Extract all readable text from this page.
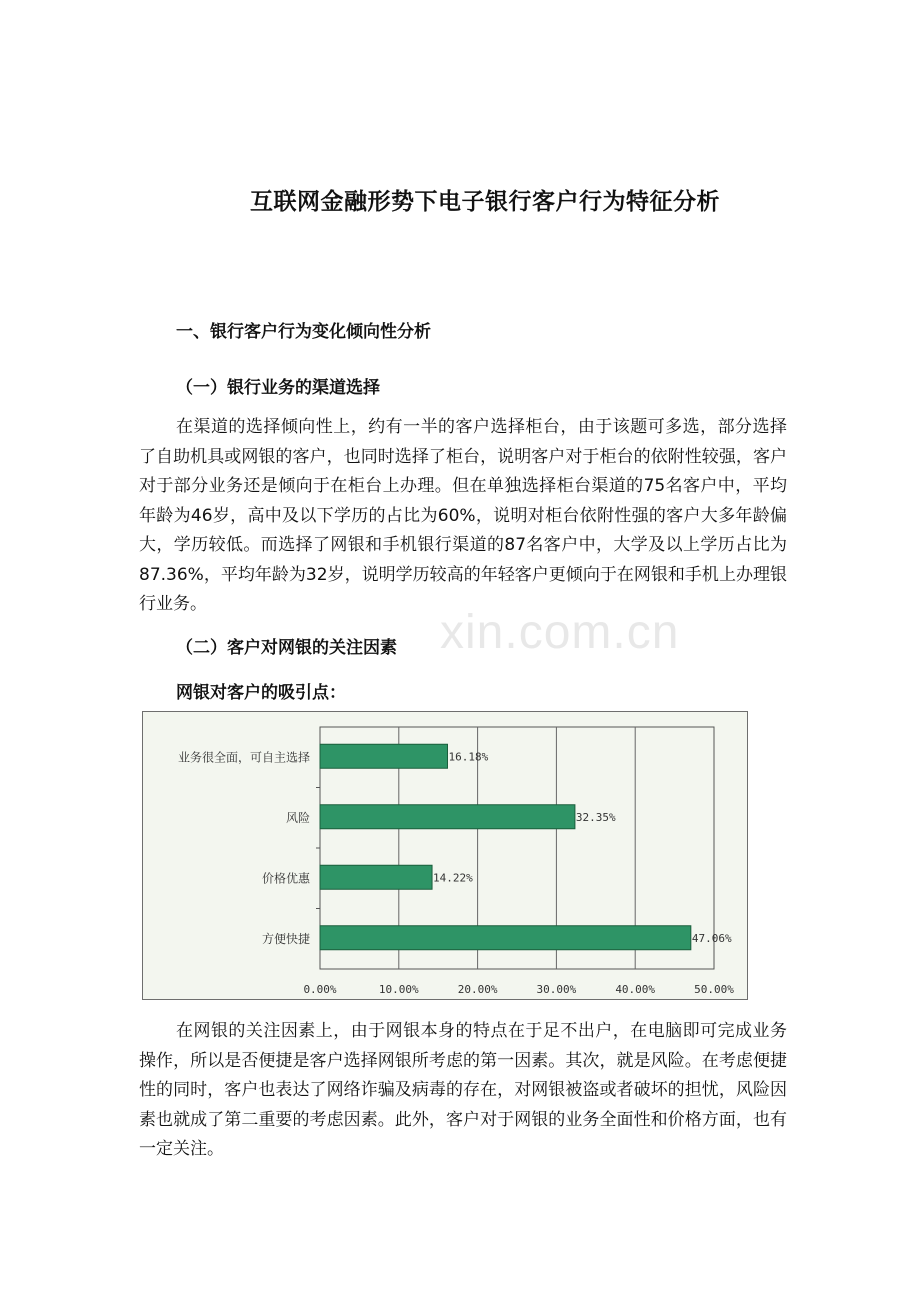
互联网金融形势下电子银行客户行为特征分析
一、银行客户行为变化倾向性分析
（一）银行业务的渠道选择
在渠道的选择倾向性上，约有一半的客户选择柜台，由于该题可多选，部分选择了自助机具或网银的客户，也同时选择了柜台，说明客户对于柜台的依附性较强，客户对于部分业务还是倾向于在柜台上办理。但在单独选择柜台渠道的75名客户中，平均年龄为46岁，高中及以下学历的占比为60%，说明对柜台依附性强的客户大多年龄偏大，学历较低。而选择了网银和手机银行渠道的87名客户中，大学及以上学历占比为87.36%，平均年龄为32岁，说明学历较高的年轻客户更倾向于在网银和手机上办理银行业务。
（二）客户对网银的关注因素
网银对客户的吸引点：
0.00%	10.00%	20.00%	30.00%	40.00%	50.00%
业务很全面，可自主选择	16.18%
风险	32.35%
价格优惠	14.22%
方便快捷	47.06%
xin.com.cn
在网银的关注因素上，由于网银本身的特点在于足不出户，在电脑即可完成业务操作，所以是否便捷是客户选择网银所考虑的第一因素。其次，就是风险。在考虑便捷性的同时，客户也表达了网络诈骗及病毒的存在，对网银被盗或者破坏的担忧，风险因素也就成了第二重要的考虑因素。此外，客户对于网银的业务全面性和价格方面，也有一定关注。
